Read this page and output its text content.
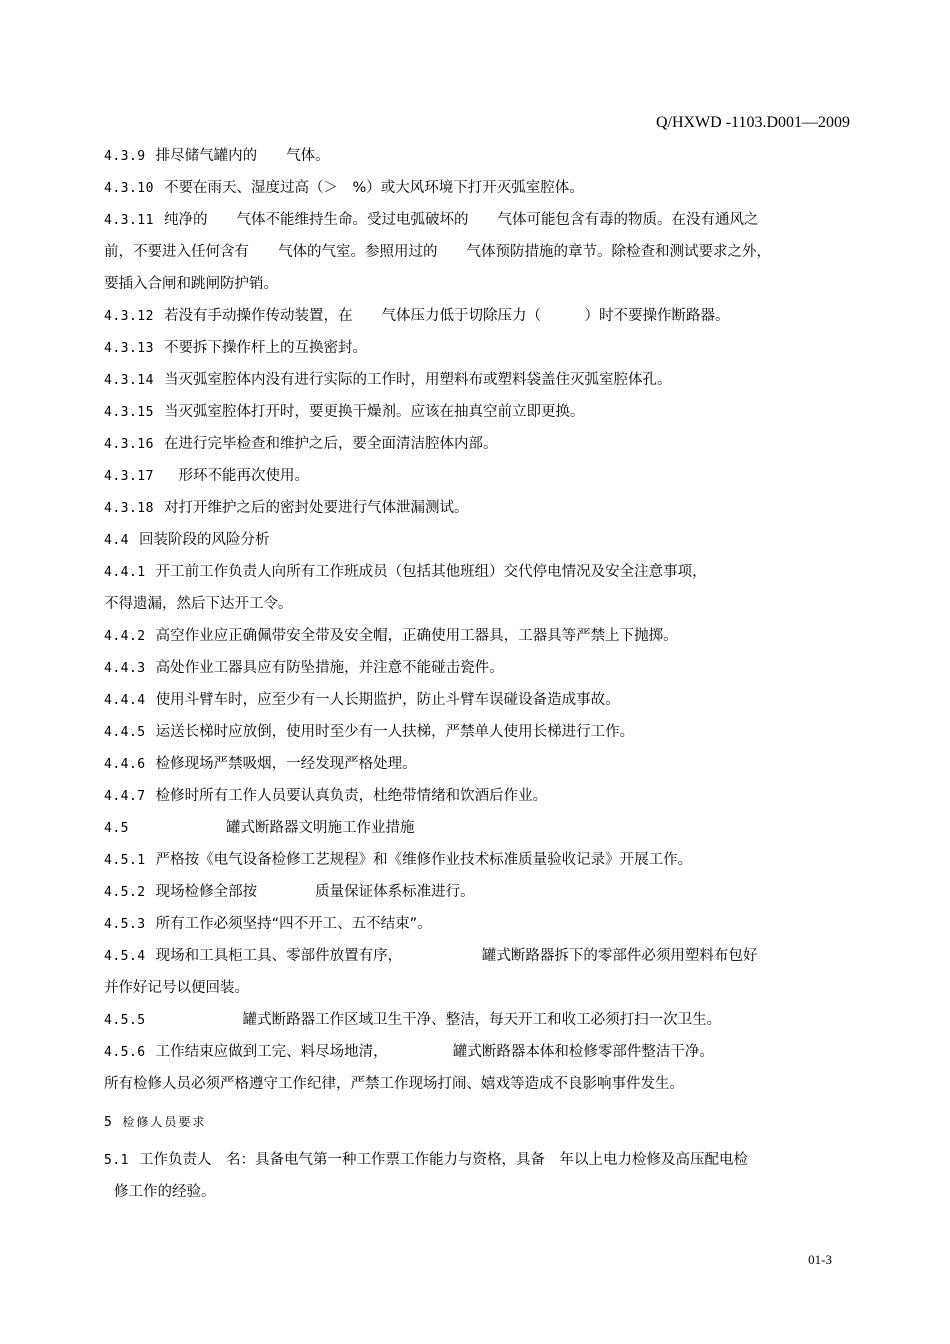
Q/HXWD -1103.D001—2009
4.3.9 排尽储气罐内的　　气体。
4.3.10 不要在雨天、湿度过高（＞　%）或大风环境下打开灭弧室腔体。
4.3.11 纯净的　　气体不能维持生命。受过电弧破坏的　　气体可能包含有毒的物质。在没有通风之
前，不要进入任何含有　　气体的气室。参照用过的　　气体预防措施的章节。除检查和测试要求之外，
要插入合闸和跳闸防护销。
4.3.12 若没有手动操作传动装置，在　　气体压力低于切除压力（　　　）时不要操作断路器。
4.3.13 不要拆下操作杆上的互换密封。
4.3.14 当灭弧室腔体内没有进行实际的工作时，用塑料布或塑料袋盖住灭弧室腔体孔。
4.3.15 当灭弧室腔体打开时，要更换干燥剂。应该在抽真空前立即更换。
4.3.16 在进行完毕检查和维护之后，要全面清洁腔体内部。
4.3.17　形环不能再次使用。
4.3.18 对打开维护之后的密封处要进行气体泄漏测试。
4.4 回装阶段的风险分析
4.4.1 开工前工作负责人向所有工作班成员（包括其他班组）交代停电情况及安全注意事项，
不得遗漏，然后下达开工令。
4.4.2 高空作业应正确佩带安全带及安全帽，正确使用工器具，工器具等严禁上下抛掷。
4.4.3 高处作业工器具应有防坠措施，并注意不能碰击瓷件。
4.4.4 使用斗臂车时，应至少有一人长期监护，防止斗臂车误碰设备造成事故。
4.4.5 运送长梯时应放倒，使用时至少有一人扶梯，严禁单人使用长梯进行工作。
4.4.6 检修现场严禁吸烟，一经发现严格处理。
4.4.7 检修时所有工作人员要认真负责，杜绝带情绪和饮酒后作业。
4.5　　　　　　罐式断路器文明施工作业措施
4.5.1 严格按《电气设备检修工艺规程》和《维修作业技术标准质量验收记录》开展工作。
4.5.2 现场检修全部按　　　　质量保证体系标准进行。
4.5.3 所有工作必须坚持“四不开工、五不结束”。
4.5.4 现场和工具柜工具、零部件放置有序，　　　　　　罐式断路器拆下的零部件必须用塑料布包好
并作好记号以便回装。
4.5.5　　　　　　罐式断路器工作区域卫生干净、整洁，每天开工和收工必须打扫一次卫生。
4.5.6 工作结束应做到工完、料尽场地清，　　　　　罐式断路器本体和检修零部件整洁干净。
所有检修人员必须严格遵守工作纪律，严禁工作现场打闹、嬉戏等造成不良影响事件发生。
5 检修人员要求
5.1 工作负责人　名：具备电气第一种工作票工作能力与资格，具备　年以上电力检修及高压配电检
修工作的经验。
01-3
